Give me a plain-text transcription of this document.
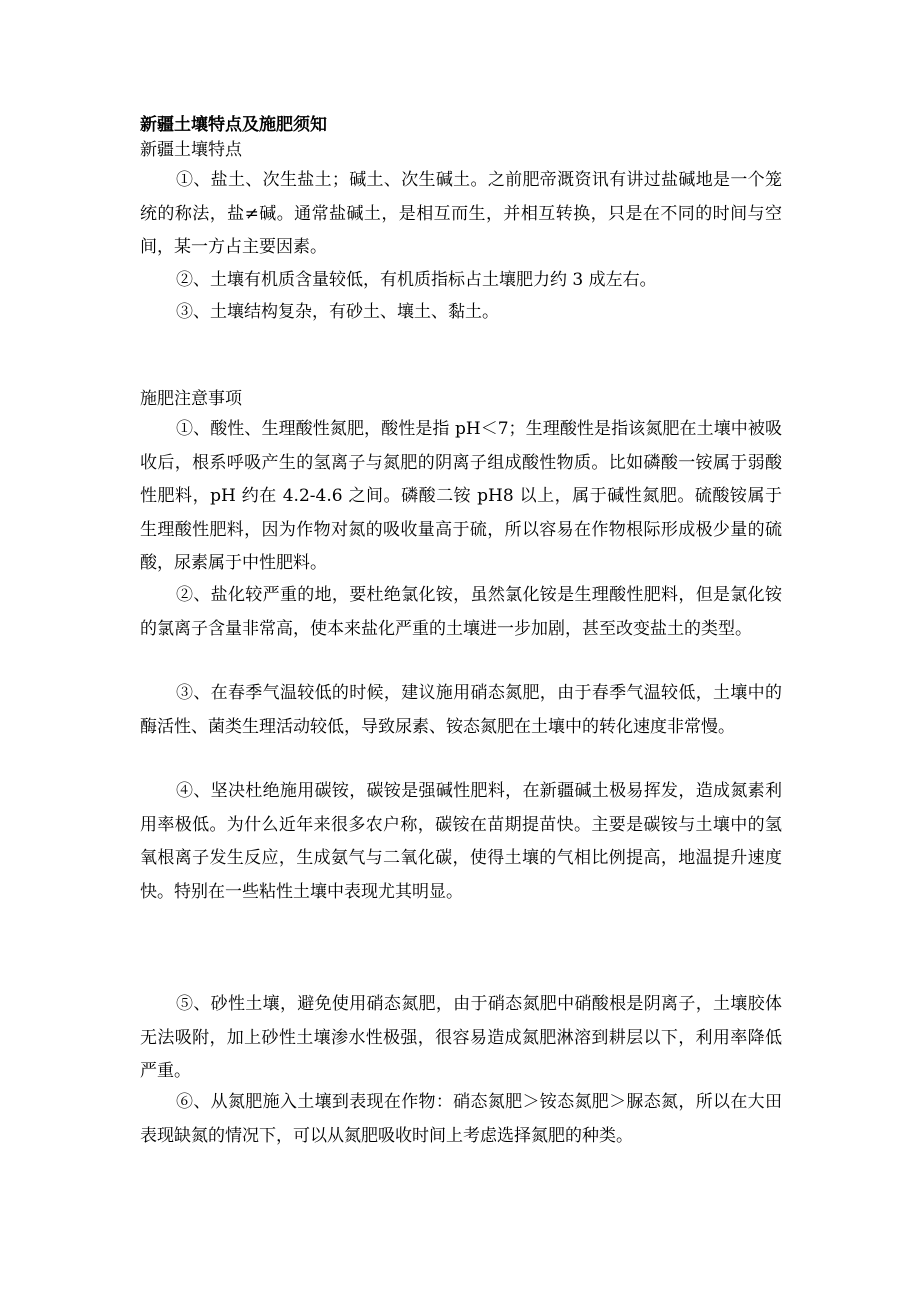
新疆土壤特点及施肥须知
新疆土壤特点

①、盐土、次生盐土；碱土、次生碱土。之前肥帝溉资讯有讲过盐碱地是一个笼统的称法，盐≠碱。通常盐碱土，是相互而生，并相互转换，只是在不同的时间与空间，某一方占主要因素。

②、土壤有机质含量较低，有机质指标占土壤肥力约 3 成左右。

③、土壤结构复杂，有砂土、壤土、黏土。

施肥注意事项

①、酸性、生理酸性氮肥，酸性是指 pH＜7；生理酸性是指该氮肥在土壤中被吸收后，根系呼吸产生的氢离子与氮肥的阴离子组成酸性物质。比如磷酸一铵属于弱酸性肥料，pH 约在 4.2-4.6 之间。磷酸二铵 pH8 以上，属于碱性氮肥。硫酸铵属于生理酸性肥料，因为作物对氮的吸收量高于硫，所以容易在作物根际形成极少量的硫酸，尿素属于中性肥料。

②、盐化较严重的地，要杜绝氯化铵，虽然氯化铵是生理酸性肥料，但是氯化铵的氯离子含量非常高，使本来盐化严重的土壤进一步加剧，甚至改变盐土的类型。

③、在春季气温较低的时候，建议施用硝态氮肥，由于春季气温较低，土壤中的酶活性、菌类生理活动较低，导致尿素、铵态氮肥在土壤中的转化速度非常慢。

④、坚决杜绝施用碳铵，碳铵是强碱性肥料，在新疆碱土极易挥发，造成氮素利用率极低。为什么近年来很多农户称，碳铵在苗期提苗快。主要是碳铵与土壤中的氢氧根离子发生反应，生成氨气与二氧化碳，使得土壤的气相比例提高，地温提升速度快。特别在一些粘性土壤中表现尤其明显。

⑤、砂性土壤，避免使用硝态氮肥，由于硝态氮肥中硝酸根是阴离子，土壤胶体无法吸附，加上砂性土壤渗水性极强，很容易造成氮肥淋溶到耕层以下，利用率降低严重。

⑥、从氮肥施入土壤到表现在作物：硝态氮肥＞铵态氮肥＞脲态氮，所以在大田表现缺氮的情况下，可以从氮肥吸收时间上考虑选择氮肥的种类。
